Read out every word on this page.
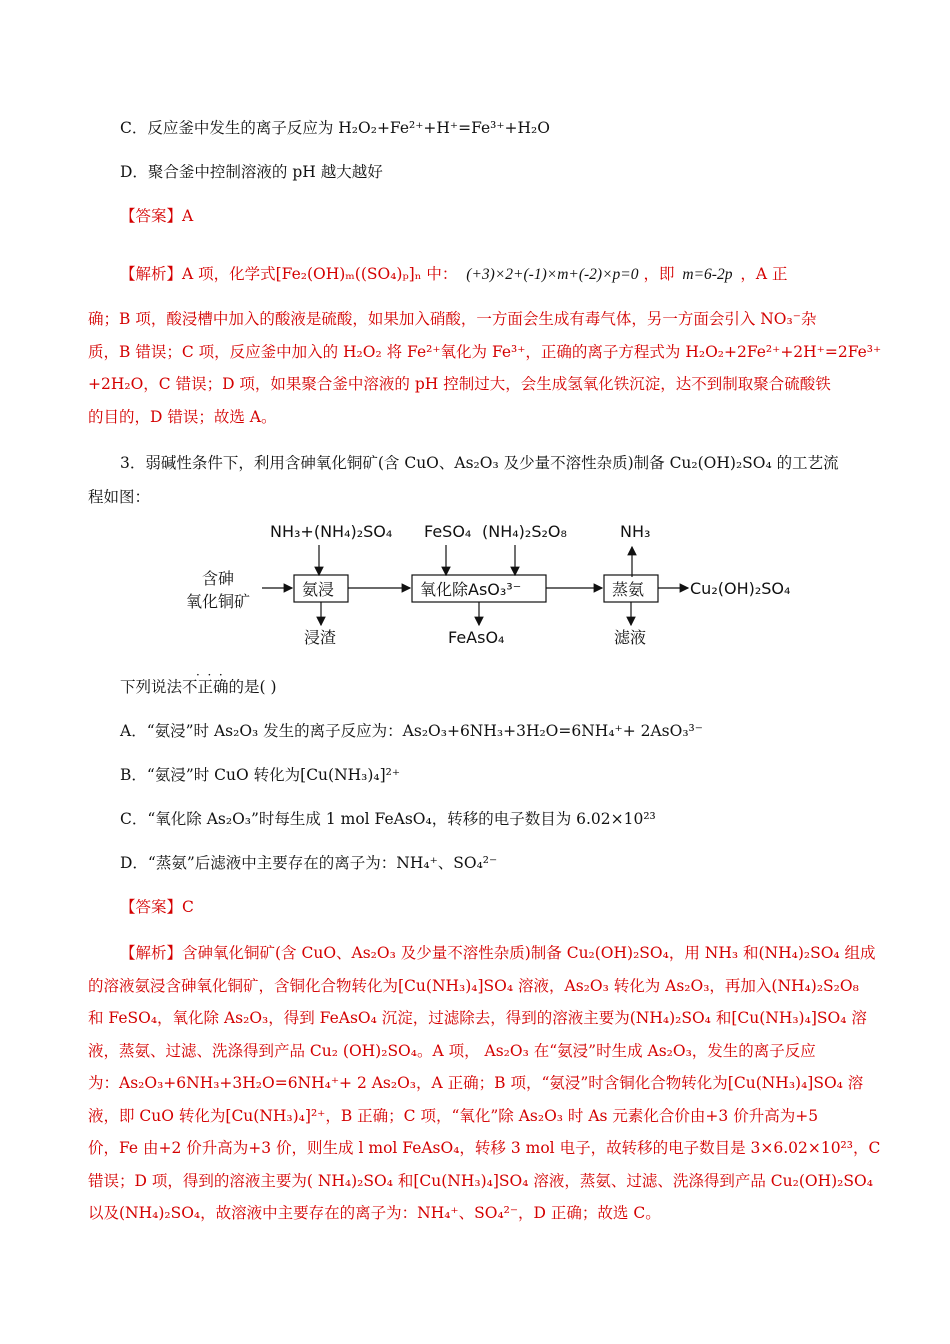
C．反应釜中发生的离子反应为 H₂O₂+Fe²⁺+H⁺=Fe³⁺+H₂O
D．聚合釜中控制溶液的 pH 越大越好
【答案】A
【解析】A 项，化学式[Fe₂(OH)ₘ((SO₄)ₚ]ₙ 中： (+3)×2+(-1)×m+(-2)×p=0 ，即 m=6-2p ，A 正
确；B 项，酸浸槽中加入的酸液是硫酸，如果加入硝酸，一方面会生成有毒气体，另一方面会引入 NO₃⁻杂
质，B 错误；C 项，反应釜中加入的 H₂O₂ 将 Fe²⁺氧化为 Fe³⁺，正确的离子方程式为 H₂O₂+2Fe²⁺+2H⁺=2Fe³⁺
+2H₂O，C 错误；D 项，如果聚合釜中溶液的 pH 控制过大，会生成氢氧化铁沉淀，达不到制取聚合硫酸铁
的目的，D 错误；故选 A。
3．弱碱性条件下，利用含砷氧化铜矿(含 CuO、As₂O₃ 及少量不溶性杂质)制备 Cu₂(OH)₂SO₄ 的工艺流
程如图：
NH₃+(NH₄)₂SO₄ FeSO₄ (NH₄)₂S₂O₈	NH₃
含砷
氧化铜矿
氨浸	氧化除AsO₃³⁻	蒸氨	Cu₂(OH)₂SO₄
浸渣	FeAsO₄	滤液
·  ·  ·
下列说法不正确的是( )
A．“氨浸”时 As₂O₃ 发生的离子反应为：As₂O₃+6NH₃+3H₂O=6NH₄⁺+ 2AsO₃³⁻
B．“氨浸”时 CuO 转化为[Cu(NH₃)₄]²⁺
C．“氧化除 As₂O₃”时每生成 1 mol FeAsO₄，转移的电子数目为 6.02×10²³
D．“蒸氨”后滤液中主要存在的离子为：NH₄⁺、SO₄²⁻
【答案】C
【解析】含砷氧化铜矿(含 CuO、As₂O₃ 及少量不溶性杂质)制备 Cu₂(OH)₂SO₄，用 NH₃ 和(NH₄)₂SO₄ 组成
的溶液氨浸含砷氧化铜矿，含铜化合物转化为[Cu(NH₃)₄]SO₄ 溶液，As₂O₃ 转化为 As₂O₃，再加入(NH₄)₂S₂O₈
和 FeSO₄，氧化除 As₂O₃，得到 FeAsO₄ 沉淀，过滤除去，得到的溶液主要为(NH₄)₂SO₄ 和[Cu(NH₃)₄]SO₄ 溶
液，蒸氨、过滤、洗涤得到产品 Cu₂ (OH)₂SO₄。A 项， As₂O₃ 在“氨浸”时生成 As₂O₃，发生的离子反应
为：As₂O₃+6NH₃+3H₂O=6NH₄⁺+ 2 As₂O₃，A 正确；B 项，“氨浸”时含铜化合物转化为[Cu(NH₃)₄]SO₄ 溶
液，即 CuO 转化为[Cu(NH₃)₄]²⁺，B 正确；C 项，“氧化”除 As₂O₃ 时 As 元素化合价由+3 价升高为+5
价，Fe 由+2 价升高为+3 价，则生成 l mol FeAsO₄，转移 3 mol 电子，故转移的电子数目是 3×6.02×10²³，C
错误；D 项，得到的溶液主要为( NH₄)₂SO₄ 和[Cu(NH₃)₄]SO₄ 溶液，蒸氨、过滤、洗涤得到产品 Cu₂(OH)₂SO₄
以及(NH₄)₂SO₄，故溶液中主要存在的离子为：NH₄⁺、SO₄²⁻，D 正确；故选 C。
